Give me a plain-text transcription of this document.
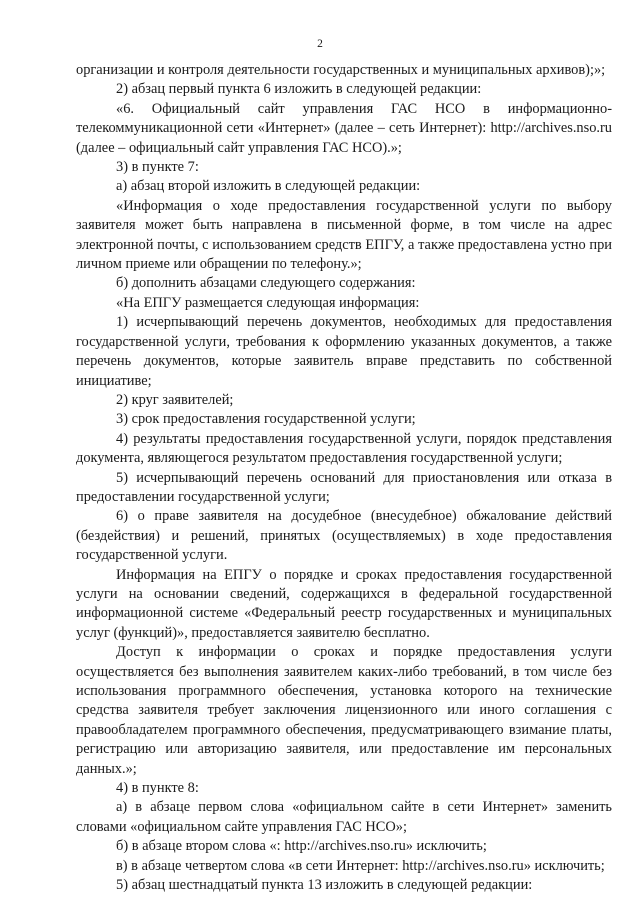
2

организации и контроля деятельности государственных и муниципальных архивов);»;

2) абзац первый пункта 6 изложить в следующей редакции:

«6. Официальный сайт управления ГАС НСО в информационно-телекоммуникационной сети «Интернет» (далее – сеть Интернет): http://archives.nso.ru (далее – официальный сайт управления ГАС НСО).»;

3) в пункте 7:

а) абзац второй изложить в следующей редакции:

«Информация о ходе предоставления государственной услуги по выбору заявителя может быть направлена в письменной форме, в том числе на адрес электронной почты, с использованием средств ЕПГУ, а также предоставлена устно при личном приеме или обращении по телефону.»;

б) дополнить абзацами следующего содержания:

«На ЕПГУ размещается следующая информация:

1) исчерпывающий перечень документов, необходимых для предоставления государственной услуги, требования к оформлению указанных документов, а также перечень документов, которые заявитель вправе представить по собственной инициативе;

2) круг заявителей;

3) срок предоставления государственной услуги;

4) результаты предоставления государственной услуги, порядок представления документа, являющегося результатом предоставления государственной услуги;

5) исчерпывающий перечень оснований для приостановления или отказа в предоставлении государственной услуги;

6) о праве заявителя на досудебное (внесудебное) обжалование действий (бездействия) и решений, принятых (осуществляемых) в ходе предоставления государственной услуги.

Информация на ЕПГУ о порядке и сроках предоставления государственной услуги на основании сведений, содержащихся в федеральной государственной информационной системе «Федеральный реестр государственных и муниципальных услуг (функций)», предоставляется заявителю бесплатно.

Доступ к информации о сроках и порядке предоставления услуги осуществляется без выполнения заявителем каких-либо требований, в том числе без использования программного обеспечения, установка которого на технические средства заявителя требует заключения лицензионного или иного соглашения с правообладателем программного обеспечения, предусматривающего взимание платы, регистрацию или авторизацию заявителя, или предоставление им персональных данных.»;

4) в пункте 8:

а) в абзаце первом слова «официальном сайте в сети Интернет» заменить словами «официальном сайте управления ГАС НСО»;

б) в абзаце втором слова «: http://archives.nso.ru» исключить;

в) в абзаце четвертом слова «в сети Интернет: http://archives.nso.ru» исключить;

5) абзац шестнадцатый пункта 13 изложить в следующей редакции:
